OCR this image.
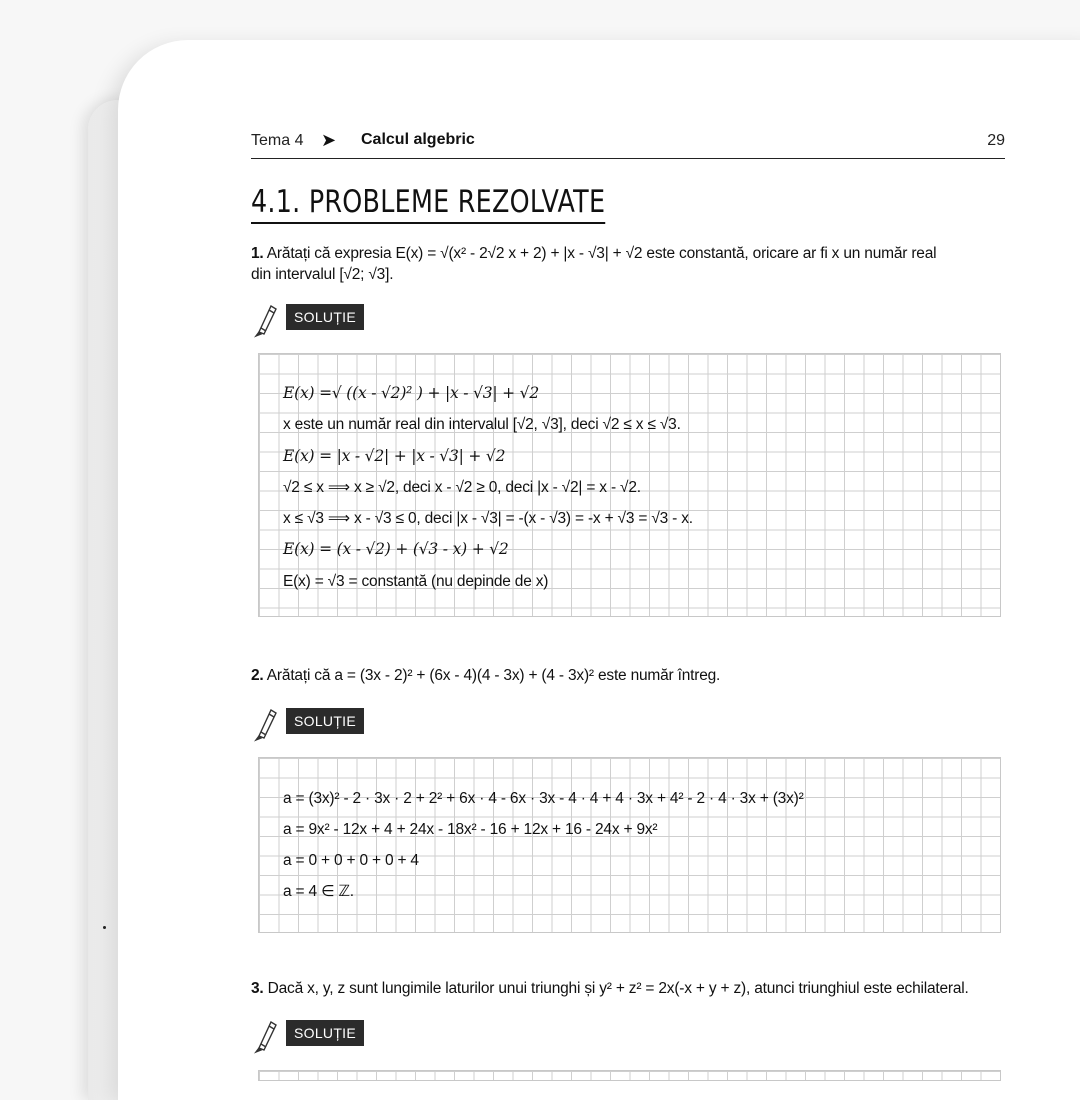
Tema 4 ➤ Calcul algebric	29
4.1. PROBLEME REZOLVATE
1. Arătați că expresia E(x) = √(x² - 2√2 x + 2) + |x - √3| + √2 este constantă, oricare ar fi x un număr real
din intervalul [√2; √3].
SOLUȚIE
E(x) =√ ((x - √2)² ) + |x - √3| + √2
x este un număr real din intervalul [√2, √3], deci √2 ≤ x ≤ √3.
E(x) = |x - √2| + |x - √3| + √2
√2 ≤ x ⟹ x ≥ √2, deci x - √2 ≥ 0, deci |x - √2| = x - √2.
x ≤ √3 ⟹ x - √3 ≤ 0, deci |x - √3| = -(x - √3) = -x + √3 = √3 - x.
E(x) = (x - √2) + (√3 - x) + √2
E(x) = √3 = constantă (nu depinde de x)
2. Arătați că a = (3x - 2)² + (6x - 4)(4 - 3x) + (4 - 3x)² este număr întreg.
SOLUȚIE
a = (3x)² - 2 · 3x · 2 + 2² + 6x · 4 - 6x · 3x - 4 · 4 + 4 · 3x + 4² - 2 · 4 · 3x + (3x)²
a = 9x² - 12x + 4 + 24x - 18x² - 16 + 12x + 16 - 24x + 9x²
a = 0 + 0 + 0 + 0 + 4
a = 4 ∈ ℤ.
3. Dacă x, y, z sunt lungimile laturilor unui triunghi și y² + z² = 2x(-x + y + z), atunci triunghiul este echilateral.
SOLUȚIE
